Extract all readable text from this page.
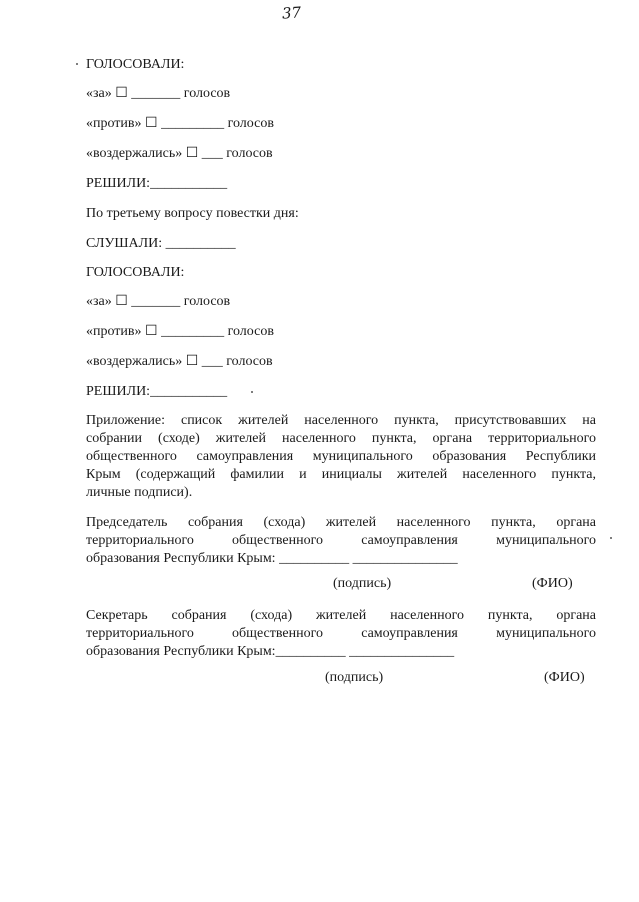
37
ГОЛОСОВАЛИ:
«за» ☐ _______ голосов
«против» ☐ _________ голосов
«воздержались» ☐ ___ голосов
РЕШИЛИ:___________
По третьему вопросу повестки дня:
СЛУШАЛИ: __________
ГОЛОСОВАЛИ:
«за» ☐ _______ голосов
«против» ☐ _________ голосов
«воздержались» ☐ ___ голосов
РЕШИЛИ:___________
Приложение: список жителей населенного пункта, присутствовавших на
собрании (сходе) жителей населенного пункта, органа территориального
общественного самоуправления муниципального образования Республики
Крым (содержащий фамилии и инициалы жителей населенного пункта,
личные подписи).
Председатель собрания (схода) жителей населенного пункта, органа
территориального общественного самоуправления муниципального
образования Республики Крым: __________ _______________
(подпись)	(ФИО)
Секретарь собрания (схода) жителей населенного пункта, органа
территориального общественного самоуправления муниципального
образования Республики Крым:__________ _______________
(подпись)	(ФИО)
